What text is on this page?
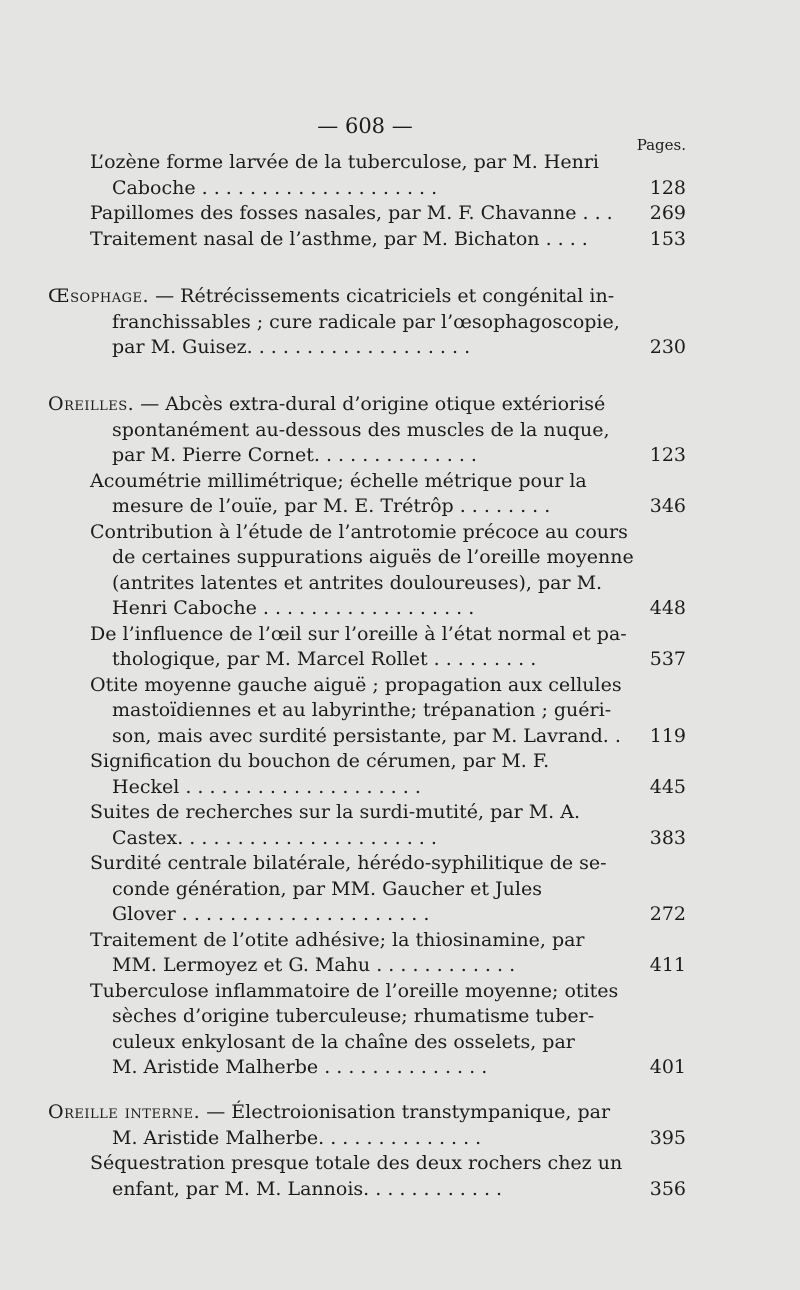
— 608 —
Pages.
L’ozène forme larvée de la tuberculose, par M. Henri
Caboche . . . . . . . . . . . . . . . . . . . .	128
Papillomes des fosses nasales, par M. F. Chavanne . . . 269
Traitement nasal de l’asthme, par M. Bichaton . . . .	153
Œsophage. — Rétrécissements cicatriciels et congénital in-
franchissables ; cure radicale par l’œsophagoscopie,
par M. Guisez. . . . . . . . . . . . . . . . . . .	230
Oreilles. — Abcès extra-dural d’origine otique extériorisé
spontanément au-dessous des muscles de la nuque,
par M. Pierre Cornet. . . . . . . . . . . . . .	123
Acoumétrie millimétrique; échelle métrique pour la
mesure de l’ouïe, par M. E. Trétrôp . . . . . . . .	346
Contribution à l’étude de l’antrotomie précoce au cours
de certaines suppurations aiguës de l’oreille moyenne
(antrites latentes et antrites douloureuses), par M.
Henri Caboche . . . . . . . . . . . . . . . . . .	448
De l’influence de l’œil sur l’oreille à l’état normal et pa-
thologique, par M. Marcel Rollet . . . . . . . . .	537
Otite moyenne gauche aiguë ; propagation aux cellules
mastoïdiennes et au labyrinthe; trépanation ; guéri-
son, mais avec surdité persistante, par M. Lavrand. . 119
Signification du bouchon de cérumen, par M. F.
Heckel . . . . . . . . . . . . . . . . . . . .	445
Suites de recherches sur la surdi-mutité, par M. A.
Castex. . . . . . . . . . . . . . . . . . . . . .	383
Surdité centrale bilatérale, hérédo-syphilitique de se-
conde génération, par MM. Gaucher et Jules
Glover . . . . . . . . . . . . . . . . . . . . .	272
Traitement de l’otite adhésive; la thiosinamine, par
MM. Lermoyez et G. Mahu . . . . . . . . . . . .	411
Tuberculose inflammatoire de l’oreille moyenne; otites
sèches d’origine tuberculeuse; rhumatisme tuber-
culeux enkylosant de la chaîne des osselets, par
M. Aristide Malherbe . . . . . . . . . . . . . .	401
Oreille interne. — Électroionisation transtympanique, par
M. Aristide Malherbe. . . . . . . . . . . . . .	395
Séquestration presque totale des deux rochers chez un
enfant, par M. M. Lannois. . . . . . . . . . . .	356
